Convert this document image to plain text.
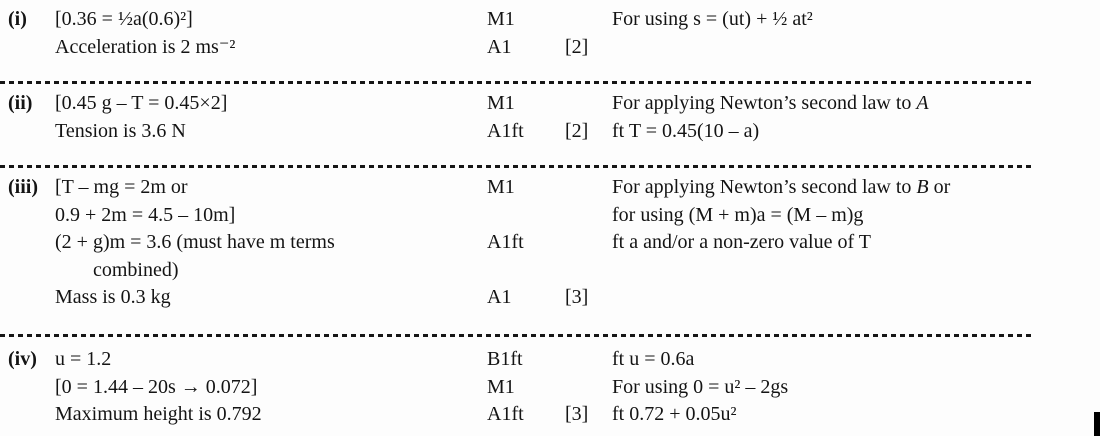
(i)	[0.36 = ½a(0.6)²]	M1	For using s = (ut) + ½ at²
Acceleration is 2 ms⁻²	A1	[2]
(ii)	[0.45 g – T = 0.45×2]	M1	For applying Newton’s second law to A
Tension is 3.6 N	A1ft	[2]	ft T = 0.45(10 – a)
(iii) [T – mg = 2m or	M1	For applying Newton’s second law to B or
0.9 + 2m = 4.5 – 10m]	for using (M + m)a = (M – m)g
(2 + g)m = 3.6 (must have m terms	A1ft	ft a and/or a non-zero value of T
combined)
Mass is 0.3 kg	A1	[3]
(iv) u = 1.2	B1ft	ft u = 0.6a
[0 = 1.44 – 20s → 0.072]	M1	For using 0 = u² – 2gs
Maximum height is 0.792	A1ft	[3]	ft 0.72 + 0.05u²
